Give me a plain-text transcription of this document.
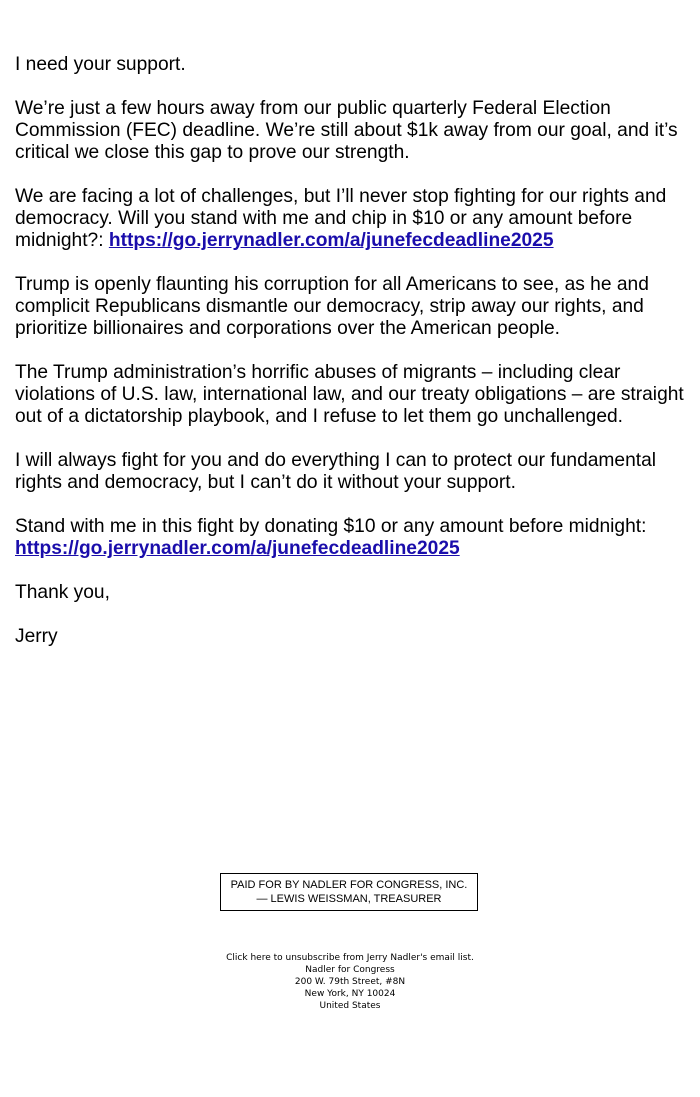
I need your support.

We’re just a few hours away from our public quarterly Federal Election Commission (FEC) deadline. We’re still about $1k away from our goal, and it’s critical we close this gap to prove our strength.

We are facing a lot of challenges, but I’ll never stop fighting for our rights and democracy. Will you stand with me and chip in $10 or any amount before midnight?: https://go.jerrynadler.com/a/junefecdeadline2025

Trump is openly flaunting his corruption for all Americans to see, as he and complicit Republicans dismantle our democracy, strip away our rights, and prioritize billionaires and corporations over the American people.

The Trump administration’s horrific abuses of migrants – including clear violations of U.S. law, international law, and our treaty obligations – are straight out of a dictatorship playbook, and I refuse to let them go unchallenged.

I will always fight for you and do everything I can to protect our fundamental rights and democracy, but I can’t do it without your support.

Stand with me in this fight by donating $10 or any amount before midnight:
https://go.jerrynadler.com/a/junefecdeadline2025

Thank you,

Jerry

PAID FOR BY NADLER FOR CONGRESS, INC.
— LEWIS WEISSMAN, TREASURER
Click here to unsubscribe from Jerry Nadler's email list.
Nadler for Congress
200 W. 79th Street, #8N
New York, NY 10024
United States
